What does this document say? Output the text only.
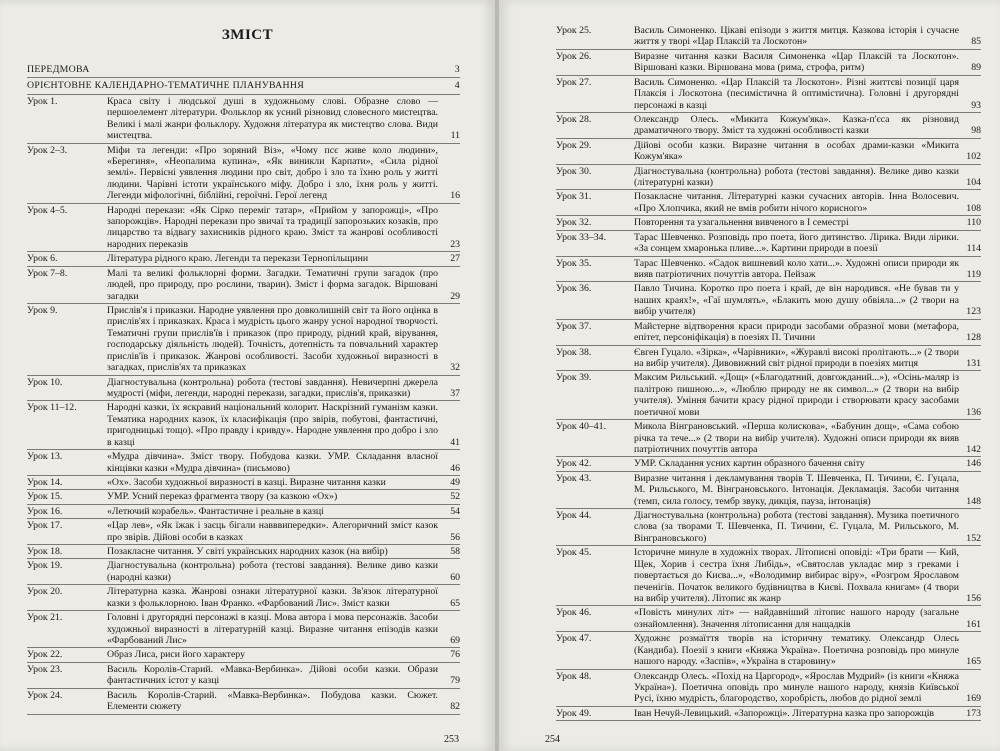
ЗМІСТ
ПЕРЕДМОВА	3
ОРІЄНТОВНЕ КАЛЕНДАРНО-ТЕМАТИЧНЕ ПЛАНУВАННЯ	4
Урок 1.	Краса світу і людської душі в художньому слові. Образне слово — першоелемент літератури. Фольклор як усний різновид словесного мистецтва. Великі і малі жанри фольклору. Художня література як мистецтво слова. Види мистецтва.	11
Урок 2–3.	Міфи та легенди: «Про зоряний Віз», «Чому псє живе коло людини», «Берегиня», «Неопалима купина», «Як виникли Карпати», «Сила рідної землі». Первісні уявлення людини про світ, добро і зло та їхню роль у житті людини. Чарівні істоти українського міфу. Добро і зло, їхня роль у житті. Легенди міфологічні, біблійні, героїчні. Герої легенд	16
Урок 4–5.	Народні перекази: «Як Сірко переміг татар», «Прийом у запорожці», «Про запорожців». Народні перекази про звичаї та традиції запорозьких козаків, про лицарство та відвагу захисників рідного краю. Зміст та жанрові особливості народних переказів	23
Урок 6.	Література рідного краю. Легенди та перекази Тернопільщини	27
Урок 7–8.	Малі та великі фольклорні форми. Загадки. Тематичні групи загадок (про людей, про природу, про рослини, тварин). Зміст і форма загадок. Віршовані загадки	29
Урок 9.	Прислів'я і приказки. Народне уявлення про довколишній світ та його оцінка в прислів'ях і приказках. Краса і мудрість цього жанру усної народної творчості. Тематичні групи прислів'їв і приказок (про природу, рідний край, вірування, господарську діяльність людей). Точність, дотепність та повчальний характер прислів'їв і приказок. Жанрові особливості. Засоби художньої виразності в загадках, прислів'ях та приказках	32
Урок 10.	Діагностувальна (контрольна) робота (тестові завдання). Невичерпні джерела мудрості (міфи, легенди, народні перекази, загадки, прислів'я, приказки)	37
Урок 11–12.	Народні казки, їх яскравий національний колорит. Наскрізний гуманізм казки. Тематика народних казок, їх класифікація (про звірів, побутові, фантастичні, пригодницькі тощо). «Про правду і кривду». Народне уявлення про добро і зло в казці	41
Урок 13.	«Мудра дівчина». Зміст твору. Побудова казки. УМР. Складання власної кінцівки казки «Мудра дівчина» (письмово)	46
Урок 14.	«Ох». Засоби художньої виразності в казці. Виразне читання казки	49
Урок 15.	УМР. Усний переказ фрагмента твору (за казкою «Ох»)	52
Урок 16.	«Летючий корабель». Фантастичне і реальне в казці	54
Урок 17.	«Цар лев», «Як їжак і заєць бігали навввипередки». Алегоричний зміст казок про звірів. Дійові особи в казках	56
Урок 18.	Позакласне читання. У світі українських народних казок (на вибір)	58
Урок 19.	Діагностувальна (контрольна) робота (тестові завдання). Велике диво казки (народні казки)	60
Урок 20.	Літературна казка. Жанрові ознаки літературної казки. Зв'язок літературної казки з фольклорною. Іван Франко. «Фарбований Лис». Зміст казки	65
Урок 21.	Головні і другорядні персонажі в казці. Мова автора і мова персонажів. Засоби художньої виразності в літературній казці. Виразне читання епізодів казки «Фарбований Лис»	69
Урок 22.	Образ Лиса, риси його характеру	76
Урок 23.	Василь Королів-Старий. «Мавка-Вербинка». Дійові особи казки. Образи фантастичних істот у казці	79
Урок 24.	Василь Королів-Старий. «Мавка-Вербинка». Побудова казки. Сюжет. Елементи сюжету	82
253
Урок 25.	Василь Симоненко. Цікаві епізоди з життя митця. Казкова історія і сучасне життя у творі «Цар Плаксій та Лоскотон»	85
Урок 26.	Виразне читання казки Василя Симоненка «Цар Плаксій та Лоскотон». Віршовані казки. Віршована мова (рима, строфа, ритм)	89
Урок 27.	Василь Симоненко. «Цар Плаксій та Лоскотон». Різні життєві позиції царя Плаксія і Лоскотона (песимістична й оптимістична). Головні і другорядні персонажі в казці	93
Урок 28.	Олександр Олесь. «Микита Кожум'яка». Казка-п'єса як різновид драматичного твору. Зміст та художні особливості казки	98
Урок 29.	Дійові особи казки. Виразне читання в особах драми-казки «Микита Кожум'яка»	102
Урок 30.	Діагностувальна (контрольна) робота (тестові завдання). Велике диво казки (літературні казки)	104
Урок 31.	Позакласне читання. Літературні казки сучасних авторів. Інна Волосевич. «Про Хлопчика, який не вмів робити нічого корисного»	108
Урок 32.	Повторення та узагальнення вивченого в I семестрі	110
Урок 33–34.	Тарас Шевченко. Розповідь про поета, його дитинство. Лірика. Види лірики. «За сонцем хмаронька пливе...». Картини природи в поезії	114
Урок 35.	Тарас Шевченко. «Садок вишневий коло хати...». Художні описи природи як вияв патріотичних почуттів автора. Пейзаж	119
Урок 36.	Павло Тичина. Коротко про поета і край, де він народився. «Не бував ти у наших краях!», «Гаї шумлять», «Блакить мою душу обвіяла...» (2 твори на вибір учителя)	123
Урок 37.	Майстерне відтворення краси природи засобами образної мови (метафора, епітет, персоніфікація) в поезіях П. Тичини	128
Урок 38.	Євген Гуцало. «Зірка», «Чарівники», «Журавлі високі пролітають...» (2 твори на вибір учителя). Дивовижний світ рідної природи в поезіях митця	131
Урок 39.	Максим Рильський. «Дощ» («Благодатний, довгожданий...»), «Осінь-маляр із палітрою пишною...», «Люблю природу не як символ...» (2 твори на вибір учителя). Уміння бачити красу рідної природи і створювати красу засобами поетичної мови	136
Урок 40–41.	Микола Вінграновський. «Перша колискова», «Бабунин дощ», «Сама собою річка та тече...» (2 твори на вибір учителя). Художні описи природи як вияв патріотичних почуттів автора	142
Урок 42.	УМР. Складання усних картин образного бачення світу	146
Урок 43.	Виразне читання і декламування творів Т. Шевченка, П. Тичини, Є. Гуцала, М. Рильського, М. Вінграновського. Інтонація. Декламація. Засоби читання (темп, сила голосу, тембр звуку, дикція, пауза, інтонація)	148
Урок 44.	Діагностувальна (контрольна) робота (тестові завдання). Музика поетичного слова (за творами Т. Шевченка, П. Тичини, Є. Гуцала, М. Рильського, М. Вінграновського)	152
Урок 45.	Історичне минуле в художніх творах. Літописні оповіді: «Три брати — Кий, Щек, Хорив і сестра їхня Либідь», «Святослав укладає мир з греками і повертається до Києва...», «Володимир вибирає віру», «Розгром Ярославом печенігів. Початок великого будівництва в Києві. Похвала книгам» (4 твори на вибір учителя). Літопис як жанр	156
Урок 46.	«Повість минулих літ» — найдавніший літопис нашого народу (загальне ознайомлення). Значення літописання для нащадків	161
Урок 47.	Художнє розмаїття творів на історичну тематику. Олександр Олесь (Кандиба). Поезії з книги «Княжа Україна». Поетична розповідь про минуле нашого народу. «Заспів», «Україна в старовину»	165
Урок 48.	Олександр Олесь. «Похід на Царгород», «Ярослав Мудрий» (із книги «Княжа Україна»). Поетична оповідь про минуле нашого народу, князів Київської Русі, їхню мудрість, благородство, хоробрість, любов до рідної землі	169
Урок 49.	Іван Нечуй-Левицький. «Запорожці». Літературна казка про запорожців	173
254
